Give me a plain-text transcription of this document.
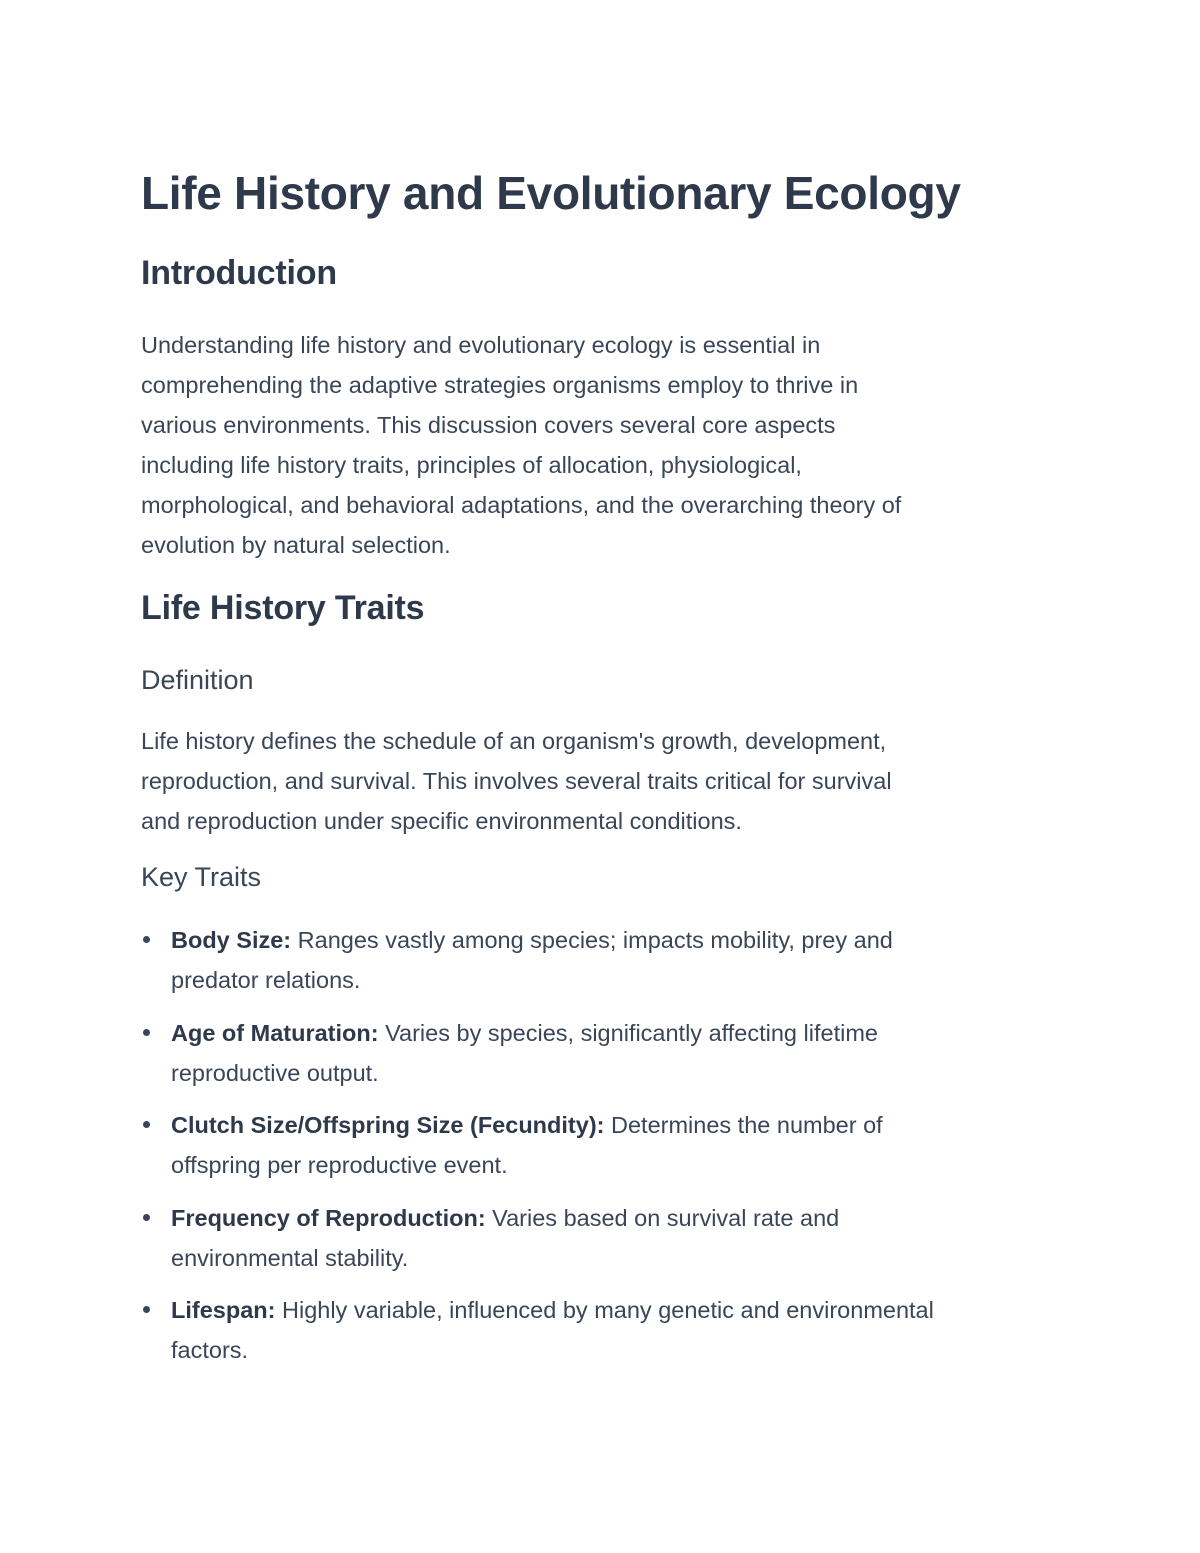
Life History and Evolutionary Ecology
Introduction

Understanding life history and evolutionary ecology is essential in
comprehending the adaptive strategies organisms employ to thrive in
various environments. This discussion covers several core aspects
including life history traits, principles of allocation, physiological,
morphological, and behavioral adaptations, and the overarching theory of
evolution by natural selection.

Life History Traits
Definition

Life history defines the schedule of an organism's growth, development,
reproduction, and survival. This involves several traits critical for survival
and reproduction under specific environmental conditions.

Key Traits
Body Size: Ranges vastly among species; impacts mobility, prey and
predator relations.
Age of Maturation: Varies by species, significantly affecting lifetime
reproductive output.
Clutch Size/Offspring Size (Fecundity): Determines the number of
offspring per reproductive event.
Frequency of Reproduction: Varies based on survival rate and
environmental stability.
Lifespan: Highly variable, influenced by many genetic and environmental
factors.
